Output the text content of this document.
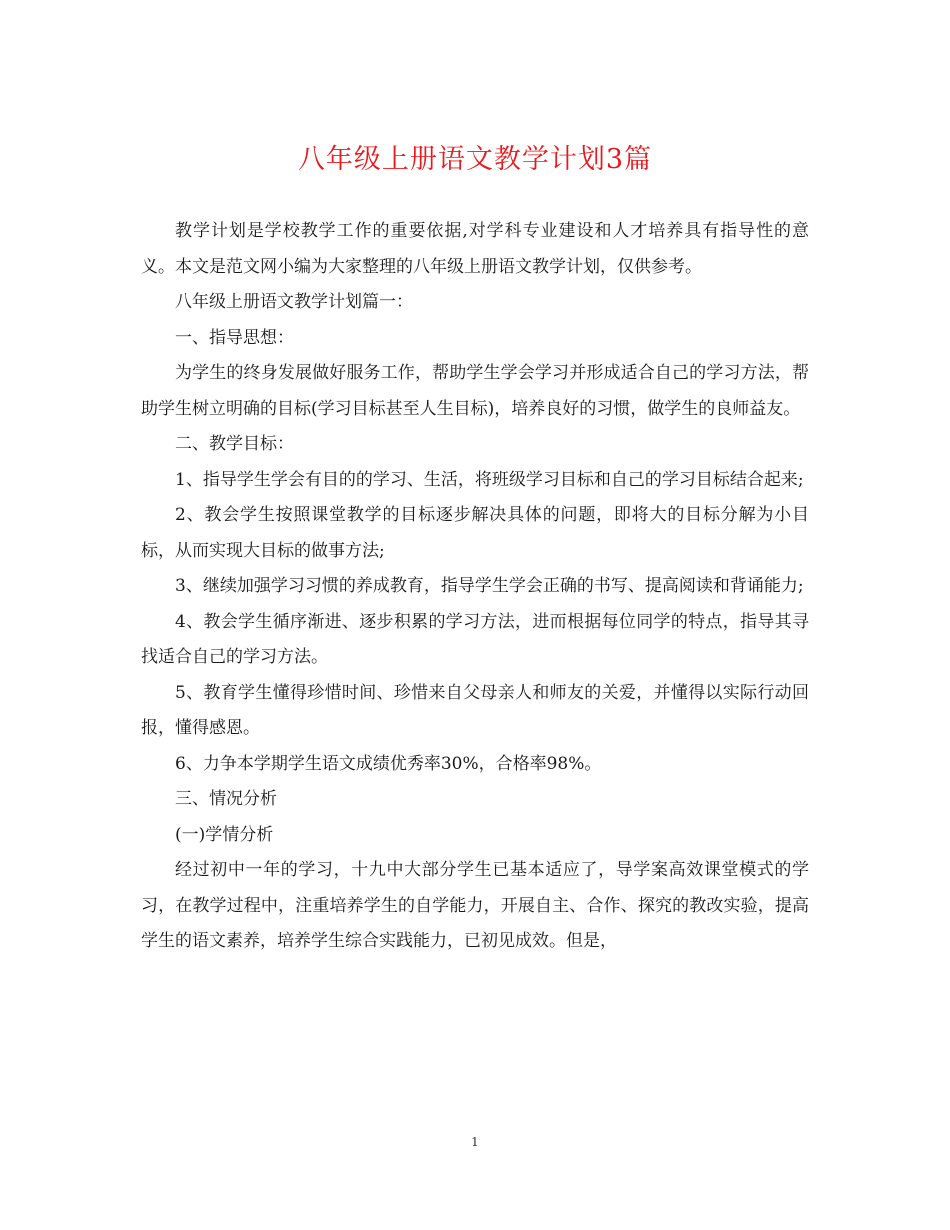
八年级上册语文教学计划3篇

教学计划是学校教学工作的重要依据,对学科专业建设和人才培养具有指导性的意义。本文是范文网小编为大家整理的八年级上册语文教学计划，仅供参考。

八年级上册语文教学计划篇一：

一、指导思想：

为学生的终身发展做好服务工作，帮助学生学会学习并形成适合自己的学习方法，帮助学生树立明确的目标(学习目标甚至人生目标)，培养良好的习惯，做学生的良师益友。

二、教学目标：

1、指导学生学会有目的的学习、生活，将班级学习目标和自己的学习目标结合起来;

2、教会学生按照课堂教学的目标逐步解决具体的问题，即将大的目标分解为小目标，从而实现大目标的做事方法;

3、继续加强学习习惯的养成教育，指导学生学会正确的书写、提高阅读和背诵能力;

4、教会学生循序渐进、逐步积累的学习方法，进而根据每位同学的特点，指导其寻找适合自己的学习方法。

5、教育学生懂得珍惜时间、珍惜来自父母亲人和师友的关爱，并懂得以实际行动回报，懂得感恩。

6、力争本学期学生语文成绩优秀率30%，合格率98%。

三、情况分析

(一)学情分析

经过初中一年的学习，十九中大部分学生已基本适应了，导学案高效课堂模式的学习，在教学过程中，注重培养学生的自学能力，开展自主、合作、探究的教改实验，提高学生的语文素养，培养学生综合实践能力，已初见成效。但是，

1
